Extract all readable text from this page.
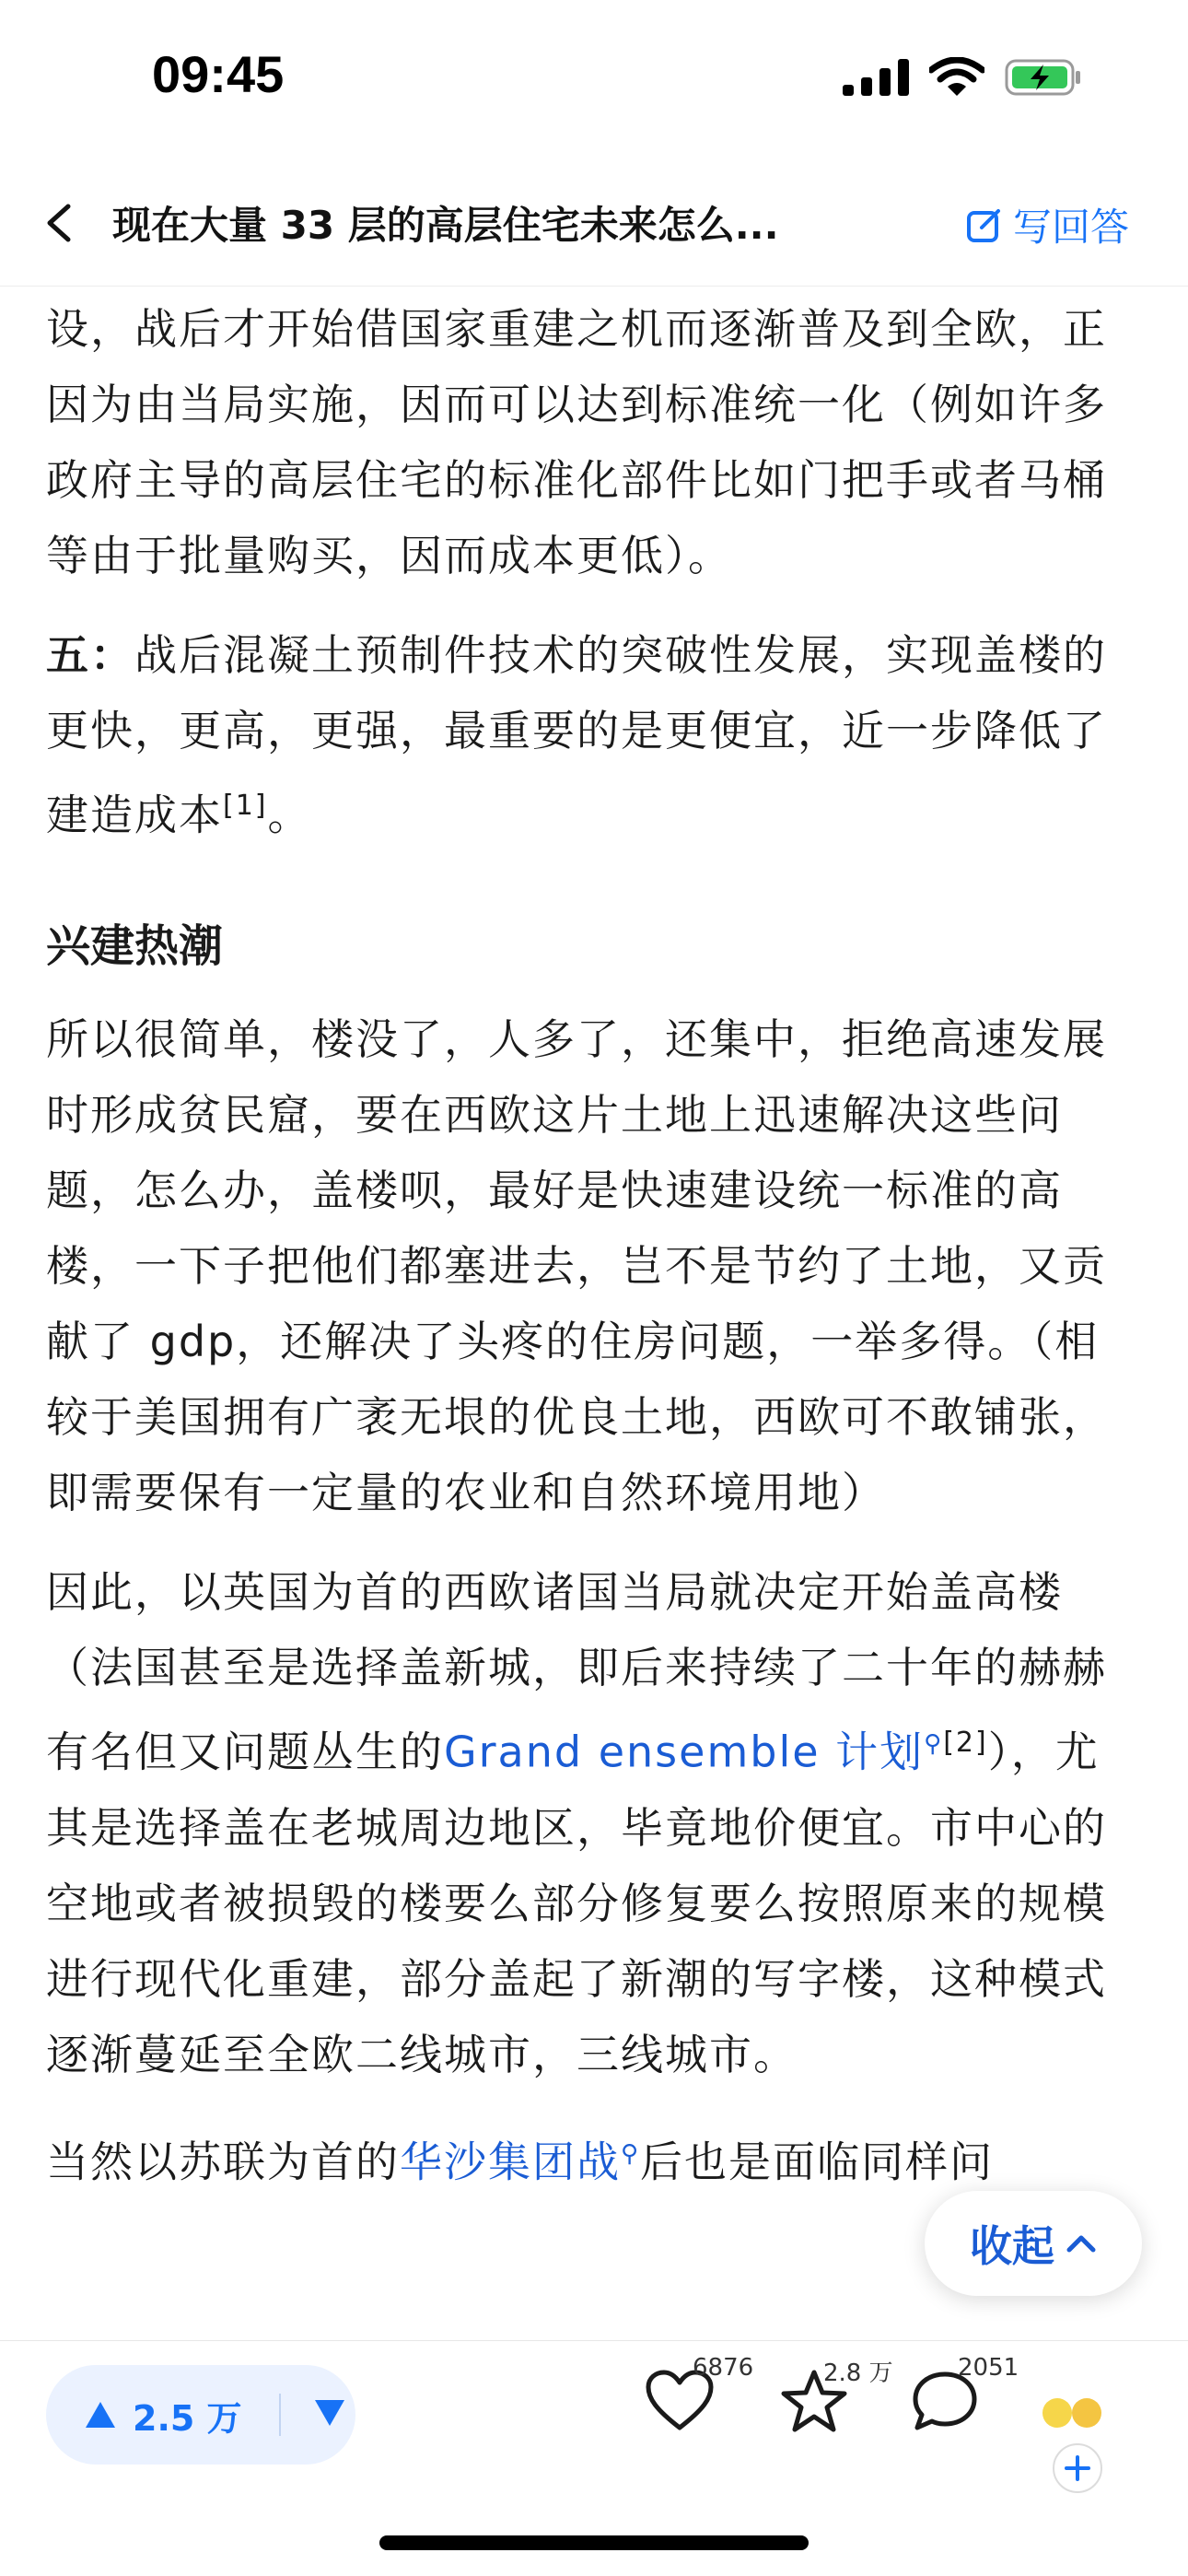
09:45
现在大量 33 层的高层住宅未来怎么...	写回答

设，战后才开始借国家重建之机而逐渐普及到全欧，正因为由当局实施，因而可以达到标准统一化（例如许多政府主导的高层住宅的标准化部件比如门把手或者马桶等由于批量购买，因而成本更低）。

五：战后混凝土预制件技术的突破性发展，实现盖楼的更快，更高，更强，最重要的是更便宜，近一步降低了建造成本[1]。

兴建热潮

所以很简单，楼没了，人多了，还集中，拒绝高速发展时形成贫民窟，要在西欧这片土地上迅速解决这些问题，怎么办，盖楼呗，最好是快速建设统一标准的高楼，一下子把他们都塞进去，岂不是节约了土地，又贡献了 gdp，还解决了头疼的住房问题，一举多得。（相较于美国拥有广袤无垠的优良土地，西欧可不敢铺张，即需要保有一定量的农业和自然环境用地）

因此，以英国为首的西欧诸国当局就决定开始盖高楼（法国甚至是选择盖新城，即后来持续了二十年的赫赫有名但又问题丛生的Grand ensemble 计划$^{⚲[2]}$），尤其是选择盖在老城周边地区，毕竟地价便宜。市中心的空地或者被损毁的楼要么部分修复要么按照原来的规模进行现代化重建，部分盖起了新潮的写字楼，这种模式逐渐蔓延至全欧二线城市，三线城市。

当然以苏联为首的华沙集团战⚲后也是面临同样问

收起
2.5 万
6876	2.8 万	2051
